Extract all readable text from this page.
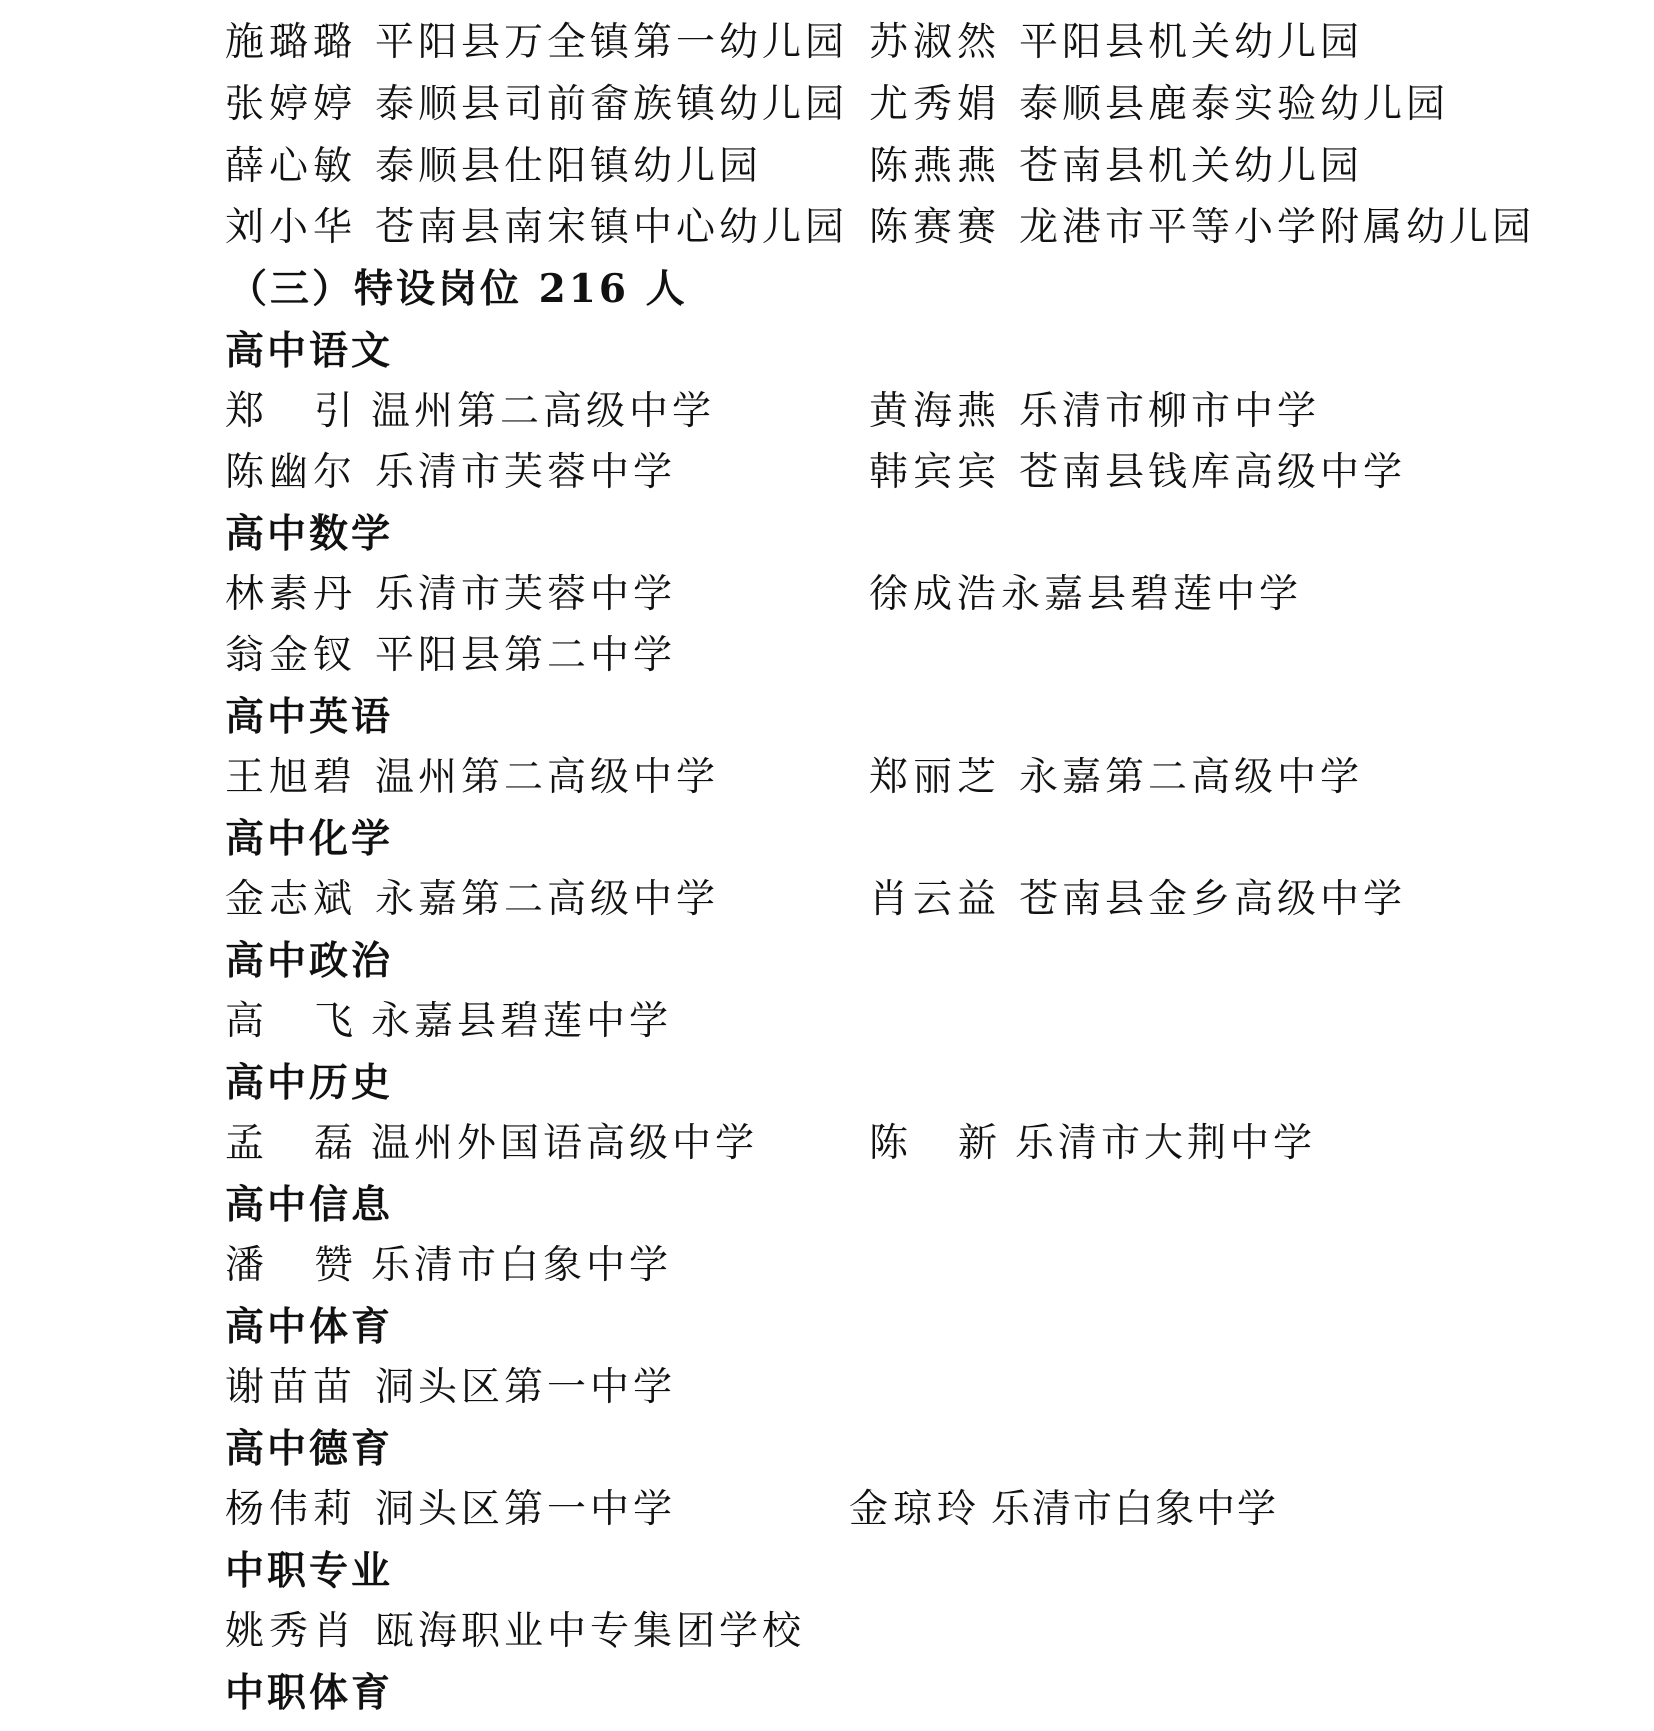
施璐璐 平阳县万全镇第一幼儿园 苏淑然 平阳县机关幼儿园
张婷婷 泰顺县司前畲族镇幼儿园 尤秀娟 泰顺县鹿泰实验幼儿园
薛心敏 泰顺县仕阳镇幼儿园	陈燕燕 苍南县机关幼儿园
刘小华 苍南县南宋镇中心幼儿园 陈赛赛 龙港市平等小学附属幼儿园
（三）特设岗位 216 人
高中语文
郑　引 温州第二高级中学	黄海燕 乐清市柳市中学
陈幽尔 乐清市芙蓉中学	韩宾宾 苍南县钱库高级中学
高中数学
林素丹 乐清市芙蓉中学	徐成浩永嘉县碧莲中学
翁金钗 平阳县第二中学
高中英语
王旭碧 温州第二高级中学	郑丽芝 永嘉第二高级中学
高中化学
金志斌 永嘉第二高级中学	肖云益 苍南县金乡高级中学
高中政治
高　飞 永嘉县碧莲中学
高中历史
孟　磊 温州外国语高级中学	陈　新 乐清市大荆中学
高中信息
潘　赞 乐清市白象中学
高中体育
谢苗苗 洞头区第一中学
高中德育
杨伟莉 洞头区第一中学	金琼玲 乐清市白象中学
中职专业
姚秀肖 瓯海职业中专集团学校
中职体育
